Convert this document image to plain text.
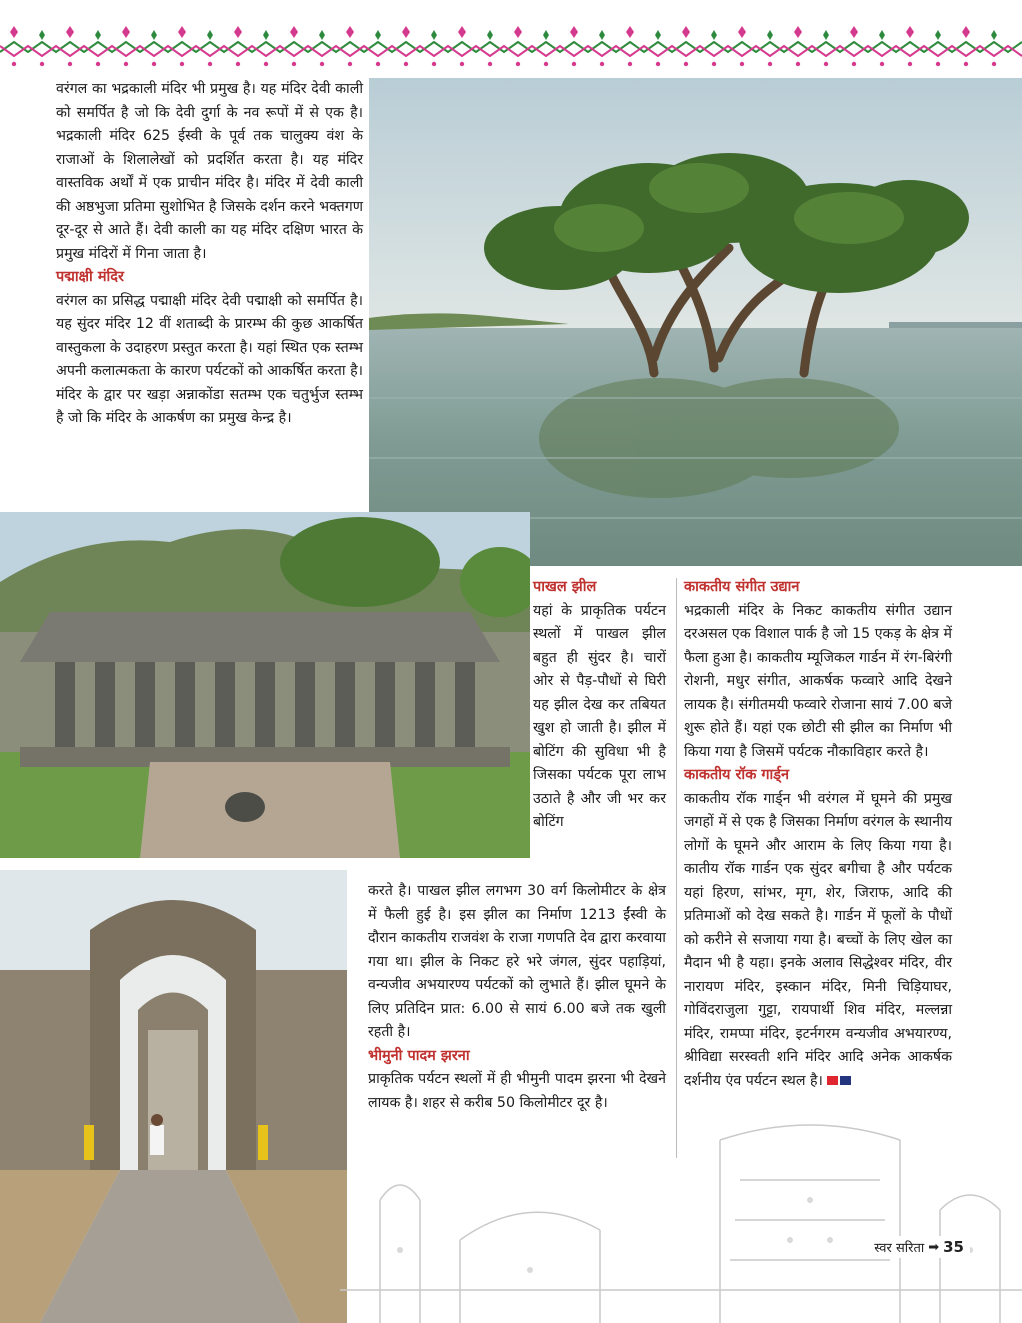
वरंगल का भद्रकाली मंदिर भी प्रमुख है। यह मंदिर देवी काली को समर्पित है जो कि देवी दुर्गा के नव रूपों में से एक है। भद्रकाली मंदिर 625 ईस्वी के पूर्व तक चालुक्य वंश के राजाओं के शिलालेखों को प्रदर्शित करता है। यह मंदिर वास्तविक अर्थों में एक प्राचीन मंदिर है। मंदिर में देवी काली की अष्ठभुजा प्रतिमा सुशोभित है जिसके दर्शन करने भक्तगण दूर-दूर से आते हैं। देवी काली का यह मंदिर दक्षिण भारत के प्रमुख मंदिरों में गिना जाता है।

पद्माक्षी मंदिर

वरंगल का प्रसिद्ध पद्माक्षी मंदिर देवी पद्माक्षी को समर्पित है। यह सुंदर मंदिर 12 वीं शताब्दी के प्रारम्भ की कुछ आकर्षित वास्तुकला के उदाहरण प्रस्तुत करता है। यहां स्थित एक स्तम्भ अपनी कलात्मकता के कारण पर्यटकों को आकर्षित करता है। मंदिर के द्वार पर खड़ा अन्नाकोंडा सतम्भ एक चतुर्भुज स्तम्भ है जो कि मंदिर के आकर्षण का प्रमुख केन्द्र है।

पाखल झील

यहां के प्राकृतिक पर्यटन स्थलों में पाखल झील बहुत ही सुंदर है। चारों ओर से पैड़-पौधों से घिरी यह झील देख कर तबियत खुश हो जाती है। झील में बोटिंग की सुविधा भी है जिसका पर्यटक पूरा लाभ उठाते है और जी भर कर बोटिंग

करते है। पाखल झील लगभग 30 वर्ग किलोमीटर के क्षेत्र में फैली हुई है। इस झील का निर्माण 1213 ईंस्वी के दौरान काकतीय राजवंश के राजा गणपति देव द्वारा करवाया गया था। झील के निकट हरे भरे जंगल, सुंदर पहाड़ियां, वन्यजीव अभयारण्य पर्यटकों को लुभाते हैं। झील घूमने के लिए प्रतिदिन प्रात: 6.00 से सायं 6.00 बजे तक खुली रहती है।

भीमुनी पादम झरना

प्राकृतिक पर्यटन स्थलों में ही भीमुनी पादम झरना भी देखने लायक है। शहर से करीब 50 किलोमीटर दूर है।

काकतीय संगीत उद्यान

भद्रकाली मंदिर के निकट काकतीय संगीत उद्यान दरअसल एक विशाल पार्क है जो 15 एकड़ के क्षेत्र में फैला हुआ है। काकतीय म्यूजिकल गार्डन में रंग-बिरंगी रोशनी, मधुर संगीत, आकर्षक फव्वारे आदि देखने लायक है। संगीतमयी फव्वारे रोजाना सायं 7.00 बजे शुरू होते हैं। यहां एक छोटी सी झील का निर्माण भी किया गया है जिसमें पर्यटक नौकाविहार करते है।

काकतीय रॉक गार्ड्न

काकतीय रॉक गार्ड्न भी वरंगल में घूमने की प्रमुख जगहों में से एक है जिसका निर्माण वरंगल के स्थानीय लोगों के घूमने और आराम के लिए किया गया है। कातीय रॉक गार्डन एक सुंदर बगीचा है और पर्यटक यहां हिरण, सांभर, मृग, शेर, जिराफ, आदि की प्रतिमाओं को देख सकते है। गार्डन में फूलों के पौधों को करीने से सजाया गया है। बच्चों के लिए खेल का मैदान भी है यहा। इनके अलाव सिद्धेश्वर मंदिर, वीर नारायण मंदिर, इस्कान मंदिर, मिनी चिड़ियाघर, गोविंदराजुला गुट्टा, रायपार्थी शिव मंदिर, मल्लन्ना मंदिर, रामप्पा मंदिर, इटर्नगरम वन्यजीव अभयारण्य, श्रीविद्या सरस्वती शनि मंदिर आदि अनेक आकर्षक दर्शनीय एंव पर्यटन स्थल है।

स्वर सरिता ➡ 35
